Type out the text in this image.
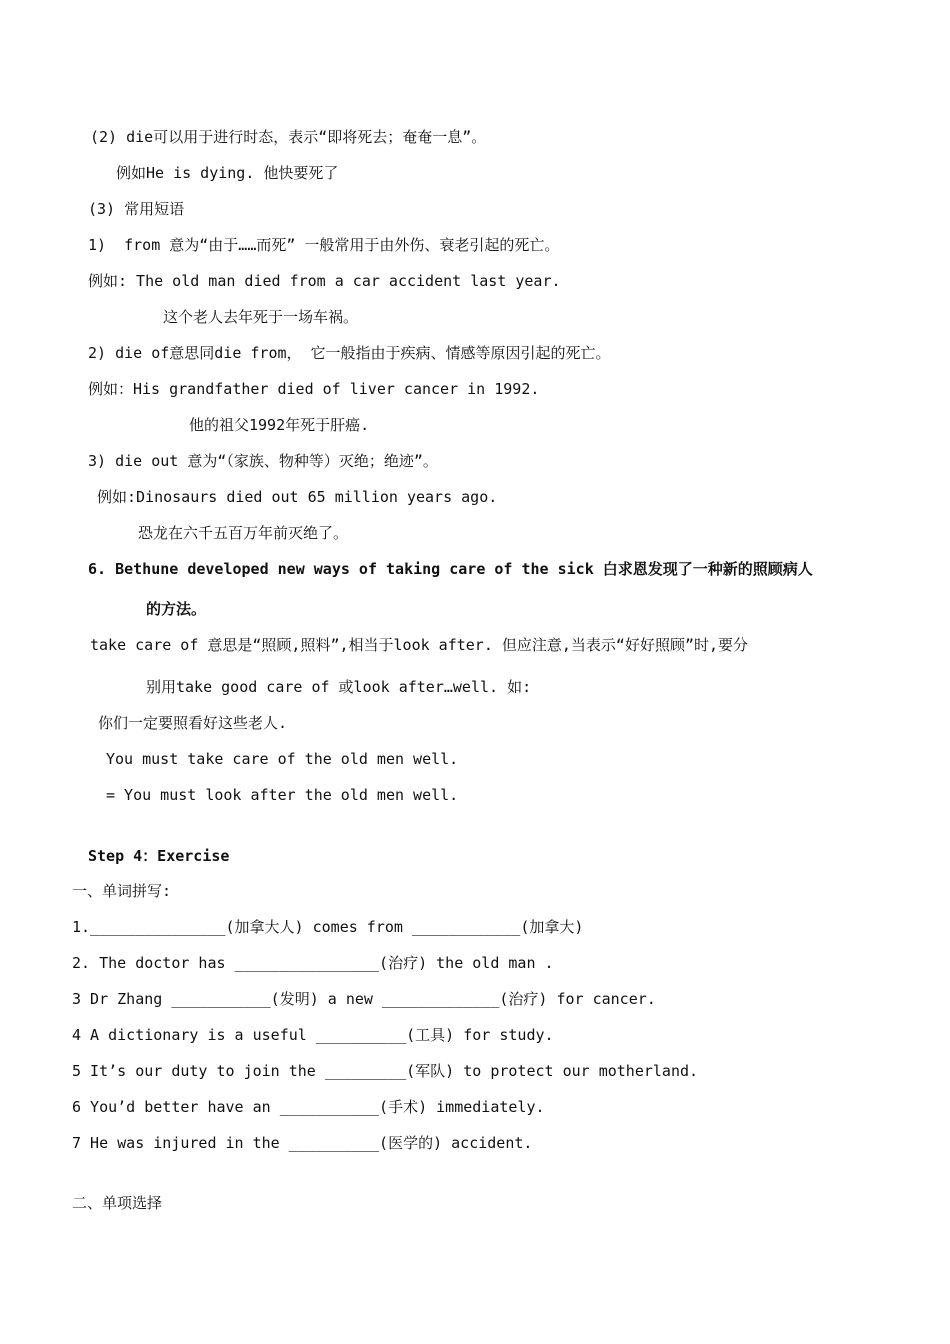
(2) die可以用于进行时态，表示“即将死去；奄奄一息”。
例如He is dying. 他快要死了
(3) 常用短语
1)  from 意为“由于……而死” 一般常用于由外伤、衰老引起的死亡。
例如: The old man died from a car accident last year.
这个老人去年死于一场车祸。
2) die of意思同die from， 它一般指由于疾病、情感等原因引起的死亡。
例如：His grandfather died of liver cancer in 1992.
他的祖父1992年死于肝癌.
3) die out 意为“（家族、物种等）灭绝；绝迹”。
例如:Dinosaurs died out 65 million years ago.
恐龙在六千五百万年前灭绝了。
6. Bethune developed new ways of taking care of the sick 白求恩发现了一种新的照顾病人
的方法。
take care of 意思是“照顾,照料”,相当于look after. 但应注意,当表示“好好照顾”时,要分
别用take good care of 或look after…well. 如:
你们一定要照看好这些老人.
You must take care of the old men well.
= You must look after the old men well.
Step 4：Exercise
一、单词拼写:
1._______________(加拿大人) comes from ____________(加拿大)
2. The doctor has ________________(治疗) the old man .
3 Dr Zhang ___________(发明) a new _____________(治疗) for cancer.
4 A dictionary is a useful __________(工具) for study.
5 It’s our duty to join the _________(军队) to protect our motherland.
6 You’d better have an ___________(手术) immediately.
7 He was injured in the __________(医学的) accident.
二、单项选择
